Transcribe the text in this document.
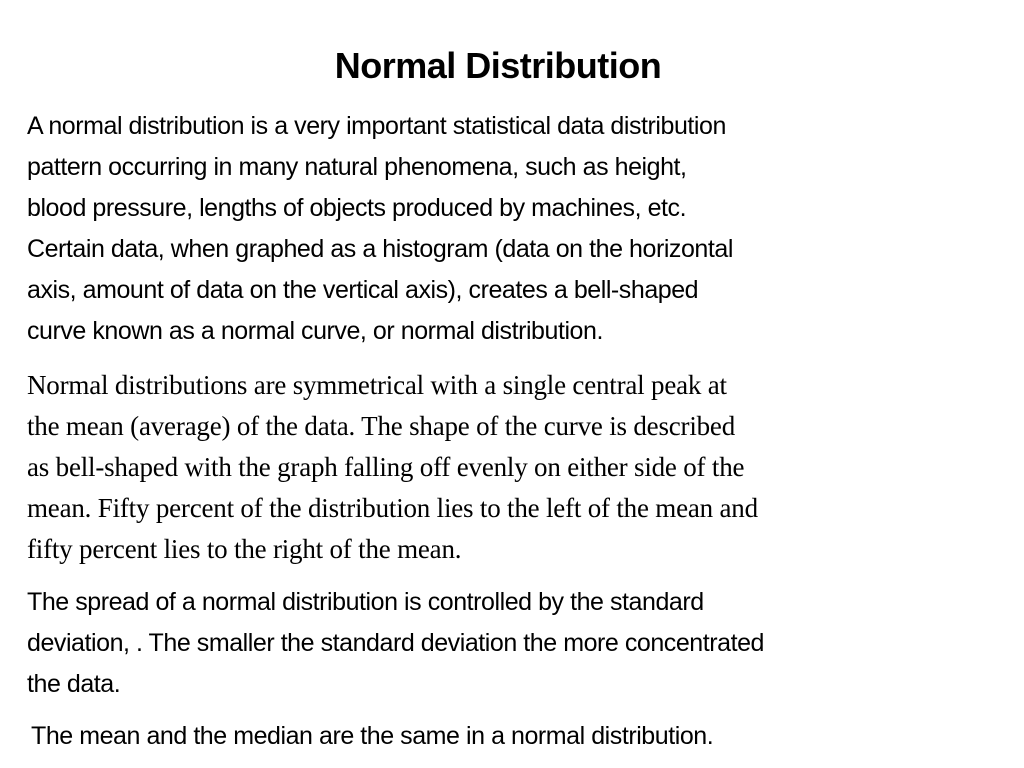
Normal Distribution

A normal distribution is a very important statistical data distribution
pattern occurring in many natural phenomena, such as height,
blood pressure, lengths of objects produced by machines, etc.
Certain data, when graphed as a histogram (data on the horizontal
axis, amount of data on the vertical axis), creates a bell-shaped
curve known as a normal curve, or normal distribution.

Normal distributions are symmetrical with a single central peak at
the mean (average) of the data. The shape of the curve is described
as bell-shaped with the graph falling off evenly on either side of the
mean. Fifty percent of the distribution lies to the left of the mean and
fifty percent lies to the right of the mean.

The spread of a normal distribution is controlled by the standard
deviation, . The smaller the standard deviation the more concentrated
the data.

The mean and the median are the same in a normal distribution.
